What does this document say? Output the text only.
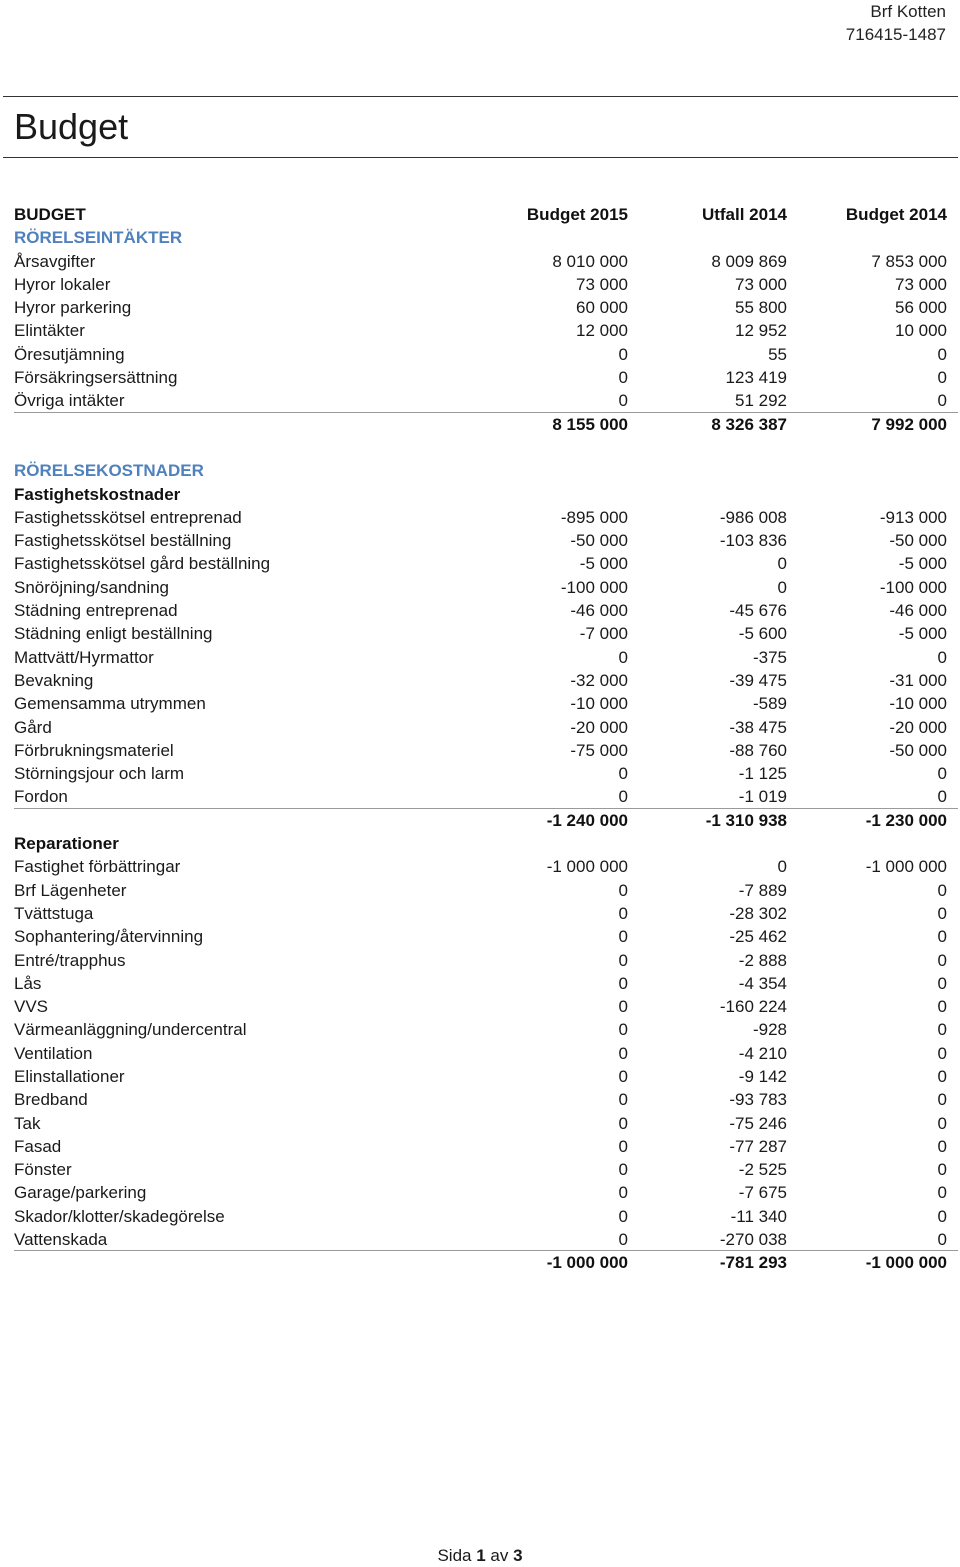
Brf Kotten
716415-1487
Budget
BUDGET	Budget 2015	Utfall 2014	Budget 2014
RÖRELSEINTÄKTER
Årsavgifter	8 010 000	8 009 869	7 853 000
Hyror lokaler	73 000	73 000	73 000
Hyror parkering	60 000	55 800	56 000
Elintäkter	12 000	12 952	10 000
Öresutjämning	0	55	0
Försäkringsersättning	0	123 419	0
Övriga intäkter	0	51 292	0
8 155 000	8 326 387	7 992 000
RÖRELSEKOSTNADER
Fastighetskostnader
Fastighetsskötsel entreprenad	-895 000	-986 008	-913 000
Fastighetsskötsel beställning	-50 000	-103 836	-50 000
Fastighetsskötsel gård beställning	-5 000	0	-5 000
Snöröjning/sandning	-100 000	0	-100 000
Städning entreprenad	-46 000	-45 676	-46 000
Städning enligt beställning	-7 000	-5 600	-5 000
Mattvätt/Hyrmattor	0	-375	0
Bevakning	-32 000	-39 475	-31 000
Gemensamma utrymmen	-10 000	-589	-10 000
Gård	-20 000	-38 475	-20 000
Förbrukningsmateriel	-75 000	-88 760	-50 000
Störningsjour och larm	0	-1 125	0
Fordon	0	-1 019	0
-1 240 000	-1 310 938	-1 230 000
Reparationer
Fastighet förbättringar	-1 000 000	0	-1 000 000
Brf Lägenheter	0	-7 889	0
Tvättstuga	0	-28 302	0
Sophantering/återvinning	0	-25 462	0
Entré/trapphus	0	-2 888	0
Lås	0	-4 354	0
VVS	0	-160 224	0
Värmeanläggning/undercentral	0	-928	0
Ventilation	0	-4 210	0
Elinstallationer	0	-9 142	0
Bredband	0	-93 783	0
Tak	0	-75 246	0
Fasad	0	-77 287	0
Fönster	0	-2 525	0
Garage/parkering	0	-7 675	0
Skador/klotter/skadegörelse	0	-11 340	0
Vattenskada	0	-270 038	0
-1 000 000	-781 293	-1 000 000
Sida 1 av 3
